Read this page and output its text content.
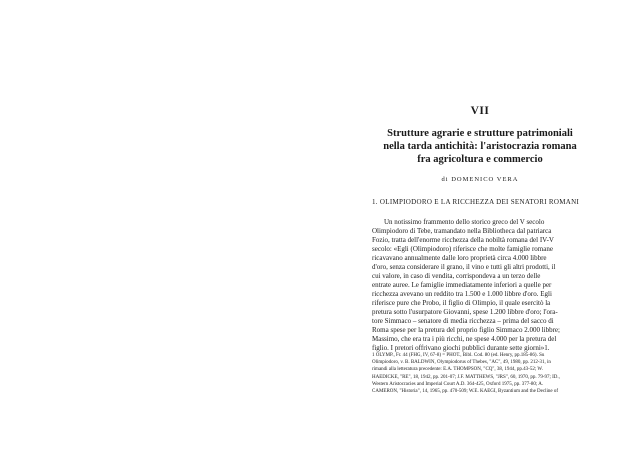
VII
Strutture agrarie e strutture patrimoniali
nella tarda antichità: l'aristocrazia romana
fra agricoltura e commercio
di DOMENICO VERA
1. OLIMPIODORO E LA RICCHEZZA DEI SENATORI ROMANI
Un notissimo frammento dello storico greco del V secolo
Olimpiodoro di Tebe, tramandato nella Bibliotheca dal patriarca
Fozio, tratta dell'enorme ricchezza della nobiltà romana del IV-V
secolo: «Egli (Olimpiodoro) riferisce che molte famiglie romane
ricavavano annualmente dalle loro proprietà circa 4.000 libbre
d'oro, senza considerare il grano, il vino e tutti gli altri prodotti, il
cui valore, in caso di vendita, corrispondeva a un terzo delle
entrate auree. Le famiglie immediatamente inferiori a quelle per
ricchezza avevano un reddito tra 1.500 e 1.000 libbre d'oro. Egli
riferisce pure che Probo, il figlio di Olimpio, il quale esercitò la
pretura sotto l'usurpatore Giovanni, spese 1.200 libbre d'oro; l'ora-
tore Simmaco – senatore di media ricchezza – prima del sacco di
Roma spese per la pretura del proprio figlio Simmaco 2.000 libbre;
Massimo, che era tra i più ricchi, ne spese 4.000 per la pretura del
figlio. I pretori offrivano giochi pubblici durante sette giorni»1.
1 OLYMP., Fr. 44 (FHG, IV, 67-8) = PHOT., Bibl. Cod. 80 (ed. Henry, pp.185-86). Su
Olimpiodoro, v. B. BALDWIN, Olympiodorus of Thebes, "AC", 49, 1980, pp. 212-31, in
rimandi alla letteratura precedente: E.A. THOMPSON, "CQ", 38, 1944, pp.43-52; W.
HAEDICKE, "RE", 18, 1942, pp. 201-07; J.F. MATTHEWS, "JRS", 60, 1970, pp. 79-97; ID.,
Western Aristocracies and Imperial Court A.D. 364-425, Oxford 1975, pp. 377-80; A.
CAMERON, "Historia", 14, 1965, pp. 470-509; W.E. KAEGI, Byzantium and the Decline of
